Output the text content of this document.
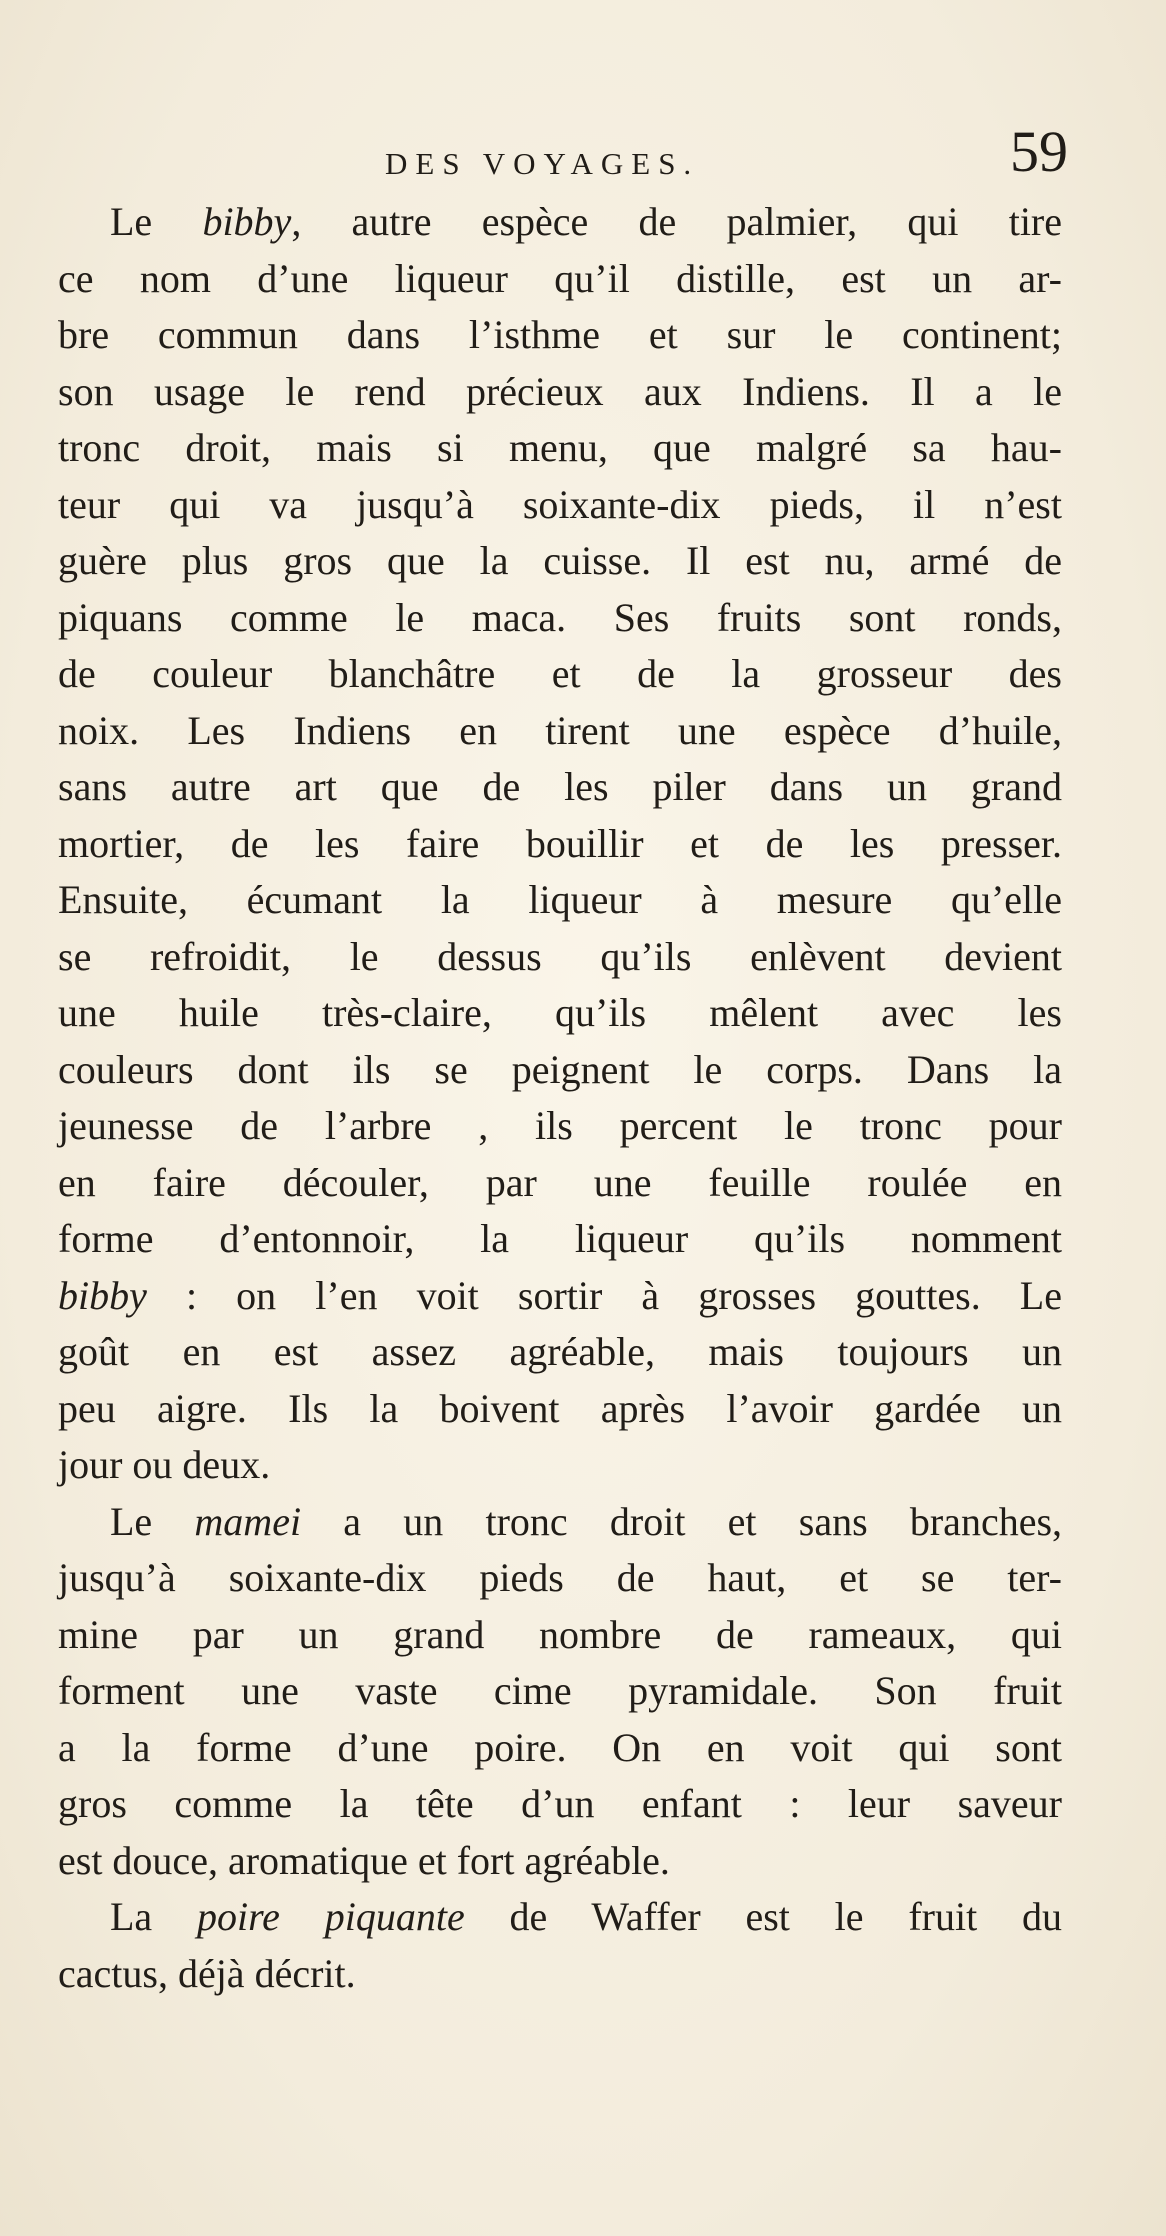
DES VOYAGES.	59
Le bibby, autre espèce de palmier, qui tire
ce nom d’une liqueur qu’il distille, est un ar-
bre commun dans l’isthme et sur le continent;
son usage le rend précieux aux Indiens. Il a le
tronc droit, mais si menu, que malgré sa hau-
teur qui va jusqu’à soixante-dix pieds, il n’est
guère plus gros que la cuisse. Il est nu, armé de
piquans comme le maca. Ses fruits sont ronds,
de couleur blanchâtre et de la grosseur des
noix. Les Indiens en tirent une espèce d’huile,
sans autre art que de les piler dans un grand
mortier, de les faire bouillir et de les presser.
Ensuite, écumant la liqueur à mesure qu’elle
se refroidit, le dessus qu’ils enlèvent devient
une huile très-claire, qu’ils mêlent avec les
couleurs dont ils se peignent le corps. Dans la
jeunesse de l’arbre , ils percent le tronc pour
en faire découler, par une feuille roulée en
forme d’entonnoir, la liqueur qu’ils nomment
bibby : on l’en voit sortir à grosses gouttes. Le
goût en est assez agréable, mais toujours un
peu aigre. Ils la boivent après l’avoir gardée un
jour ou deux.
Le mamei a un tronc droit et sans branches,
jusqu’à soixante-dix pieds de haut, et se ter-
mine par un grand nombre de rameaux, qui
forment une vaste cime pyramidale. Son fruit
a la forme d’une poire. On en voit qui sont
gros comme la tête d’un enfant : leur saveur
est douce, aromatique et fort agréable.
La poire piquante de Waffer est le fruit du
cactus, déjà décrit.
